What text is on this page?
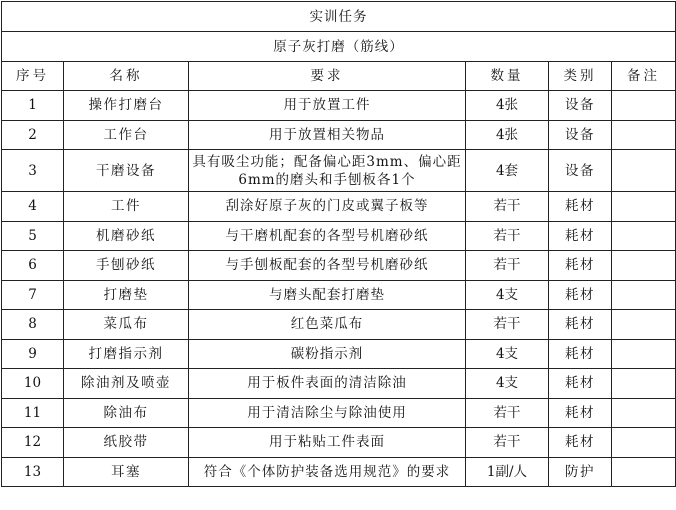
实训任务					
原子灰打磨（筋线）					
序号	名称	要求	数量	类别	备注
1	操作打磨台	用于放置工件	4张	设备	
2	工作台	用于放置相关物品	4张	设备	
3	干磨设备	具有吸尘功能；配备偏心距3mm、偏心距6mm的磨头和手刨板各1个	4套	设备	
4	工件	刮涂好原子灰的门皮或翼子板等	若干	耗材	
5	机磨砂纸	与干磨机配套的各型号机磨砂纸	若干	耗材	
6	手刨砂纸	与手刨板配套的各型号机磨砂纸	若干	耗材	
7	打磨垫	与磨头配套打磨垫	4支	耗材	
8	菜瓜布	红色菜瓜布	若干	耗材	
9	打磨指示剂	碳粉指示剂	4支	耗材	
10	除油剂及喷壶	用于板件表面的清洁除油	4支	耗材	
11	除油布	用于清洁除尘与除油使用	若干	耗材	
12	纸胶带	用于粘贴工件表面	若干	耗材	
13	耳塞	符合《个体防护装备选用规范》的要求	1副/人	防护	
